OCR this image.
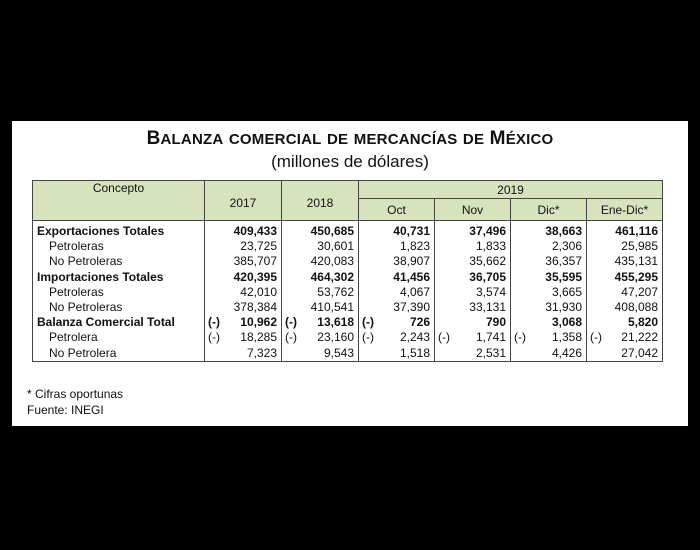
BALANZA COMERCIAL DE MERCANCÍAS DE MÉXICO
(millones de dólares)
Concepto	2017	2018	2019			
			Oct	Nov	Dic*	Ene-Dic*
Exportaciones Totales	409,433	450,685	40,731	37,496	38,663	461,116
Petroleras	23,725	30,601	1,823	1,833	2,306	25,985
No Petroleras	385,707	420,083	38,907	35,662	36,357	435,131
Importaciones Totales	420,395	464,302	41,456	36,705	35,595	455,295
Petroleras	42,010	53,762	4,067	3,574	3,665	47,207
No Petroleras	378,384	410,541	37,390	33,131	31,930	408,088
Balanza Comercial Total	(-) 10,962	(-) 13,618	(-) 726	790	3,068	5,820
Petrolera	(-) 18,285	(-) 23,160	(-) 2,243	(-) 1,741	(-) 1,358	(-) 21,222

No Petrolera	7,323	9,543	1,518	2,531	4,426	27,042
* Cifras oportunas
Fuente: INEGI
